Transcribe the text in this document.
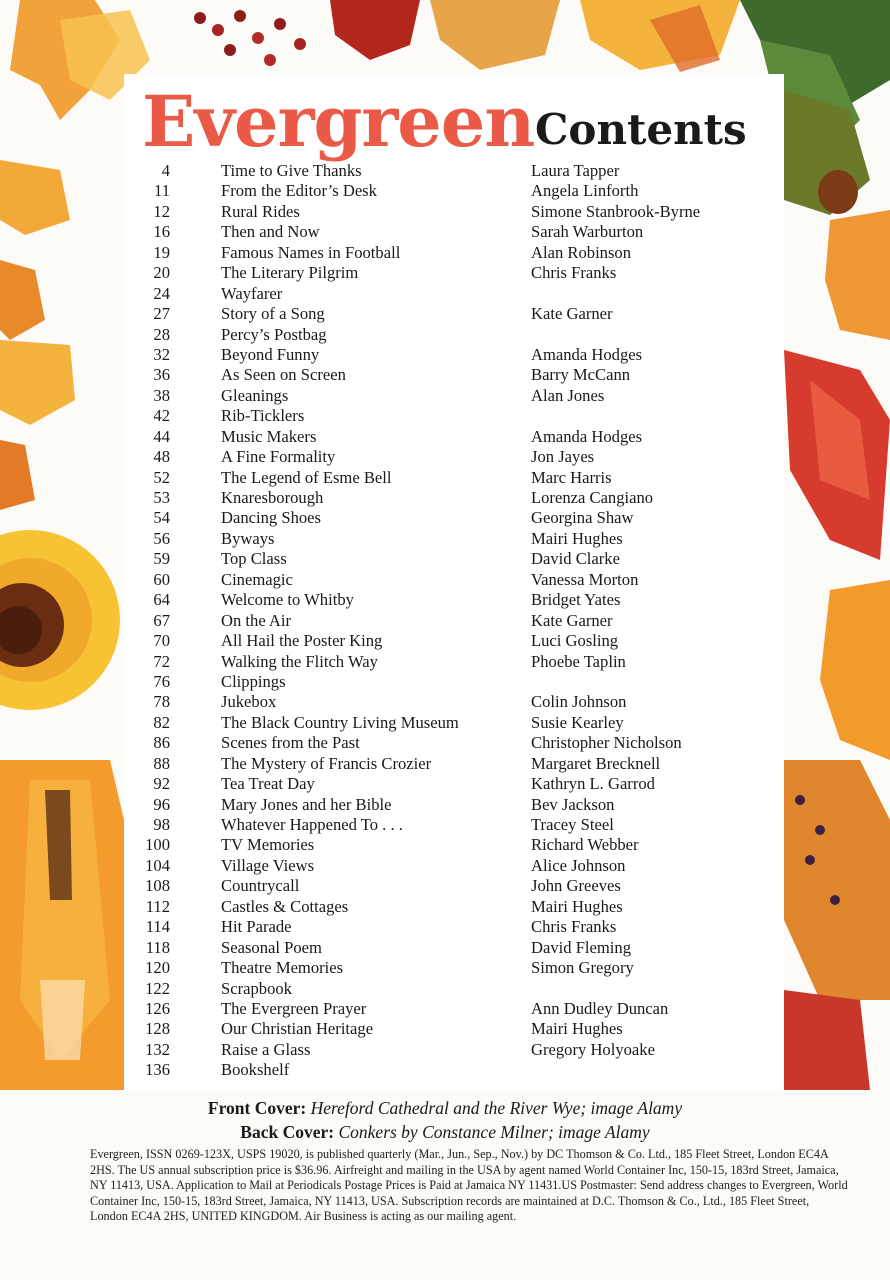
Evergreen Contents
4	Time to Give Thanks	Laura Tapper
11	From the Editor’s Desk	Angela Linforth
12	Rural Rides	Simone Stanbrook-Byrne
16	Then and Now	Sarah Warburton
19	Famous Names in Football	Alan Robinson
20	The Literary Pilgrim	Chris Franks
24	Wayfarer
27	Story of a Song	Kate Garner
28	Percy’s Postbag
32	Beyond Funny	Amanda Hodges
36	As Seen on Screen	Barry McCann
38	Gleanings	Alan Jones
42	Rib-Ticklers
44	Music Makers	Amanda Hodges
48	A Fine Formality	Jon Jayes
52	The Legend of Esme Bell	Marc Harris
53	Knaresborough	Lorenza Cangiano
54	Dancing Shoes	Georgina Shaw
56	Byways	Mairi Hughes
59	Top Class	David Clarke
60	Cinemagic	Vanessa Morton
64	Welcome to Whitby	Bridget Yates
67	On the Air	Kate Garner
70	All Hail the Poster King	Luci Gosling
72	Walking the Flitch Way	Phoebe Taplin
76	Clippings
78	Jukebox	Colin Johnson
82	The Black Country Living Museum	Susie Kearley
86	Scenes from the Past	Christopher Nicholson
88	The Mystery of Francis Crozier	Margaret Brecknell
92	Tea Treat Day	Kathryn L. Garrod
96	Mary Jones and her Bible	Bev Jackson
98	Whatever Happened To . . .	Tracey Steel
100	TV Memories	Richard Webber
104	Village Views	Alice Johnson
108	Countrycall	John Greeves
112	Castles & Cottages	Mairi Hughes
114	Hit Parade	Chris Franks
118	Seasonal Poem	David Fleming
120	Theatre Memories	Simon Gregory
122	Scrapbook
126	The Evergreen Prayer	Ann Dudley Duncan
128	Our Christian Heritage	Mairi Hughes
132	Raise a Glass	Gregory Holyoake
136	Bookshelf
Front Cover: Hereford Cathedral and the River Wye; image Alamy
Back Cover: Conkers by Constance Milner; image Alamy
Evergreen, ISSN 0269-123X, USPS 19020, is published quarterly (Mar., Jun., Sep., Nov.) by DC Thomson & Co. Ltd., 185 Fleet Street, London EC4A 2HS. The US annual subscription price is $36.96. Airfreight and mailing in the USA by agent named World Container Inc, 150-15, 183rd Street, Jamaica, NY 11413, USA. Application to Mail at Periodicals Postage Prices is Paid at Jamaica NY 11431.US Postmaster: Send address changes to Evergreen, World Container Inc, 150-15, 183rd Street, Jamaica, NY 11413, USA. Subscription records are maintained at D.C. Thomson & Co., Ltd., 185 Fleet Street, London EC4A 2HS, UNITED KINGDOM. Air Business is acting as our mailing agent.
